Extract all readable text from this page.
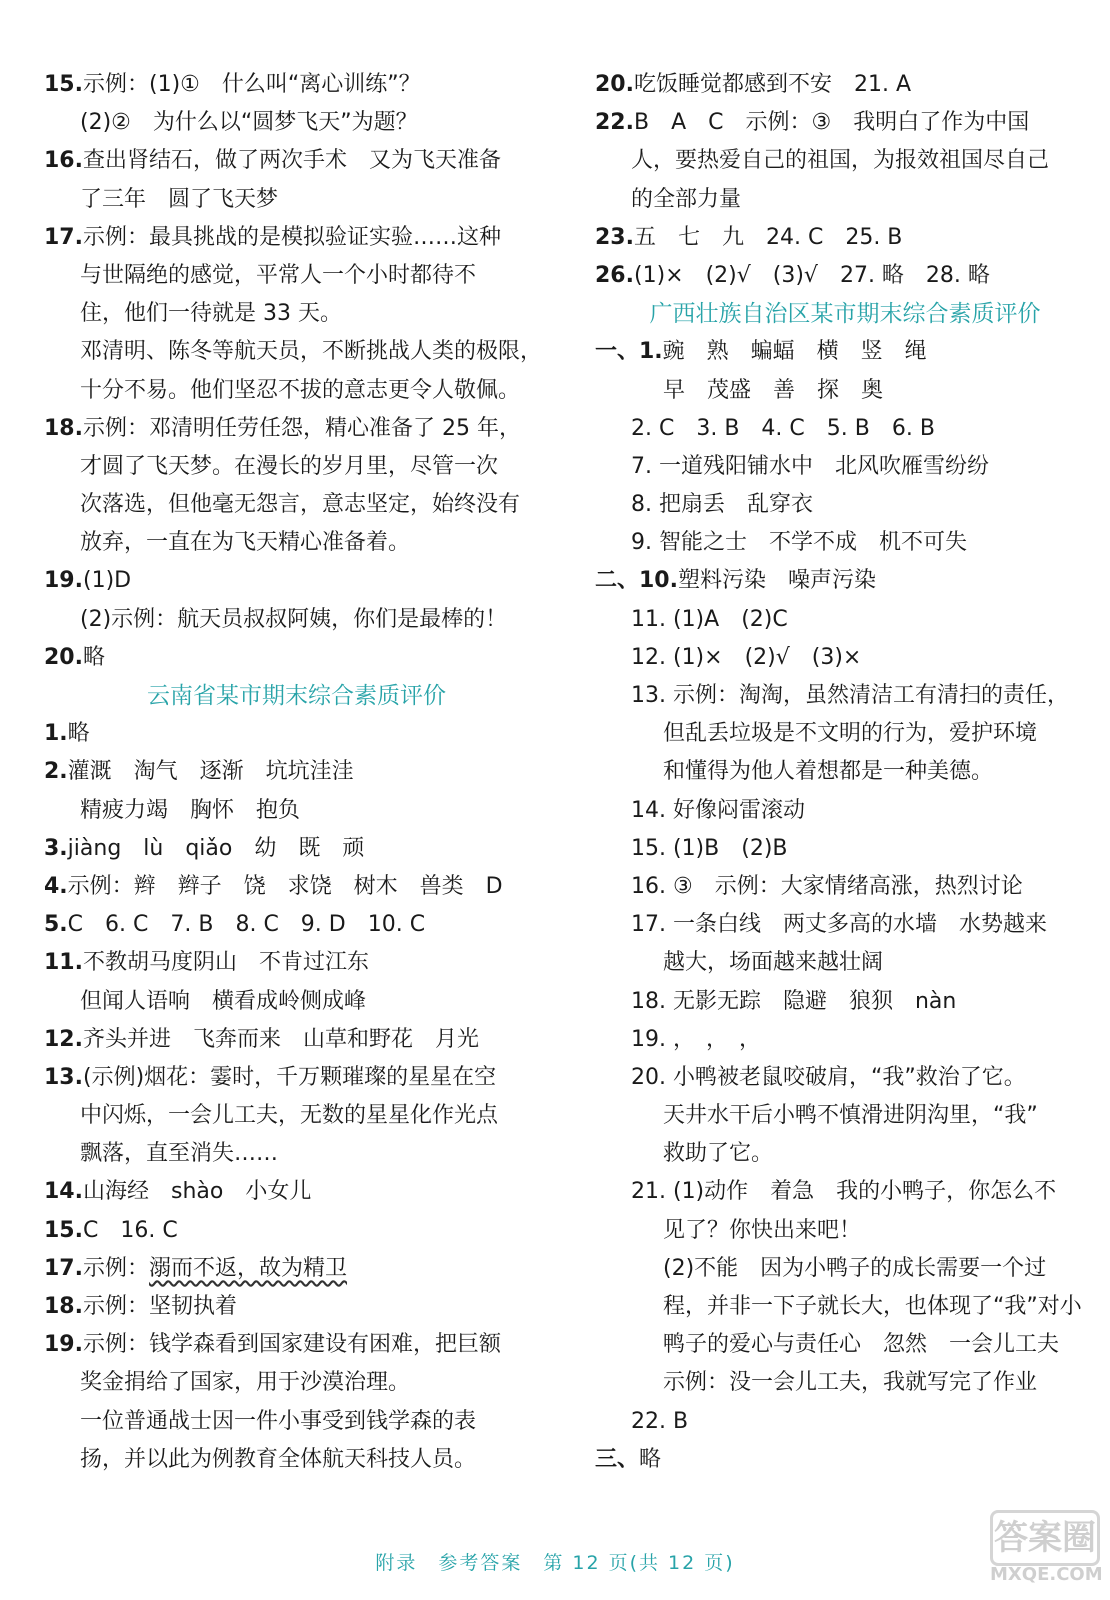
15.示例：(1)①　什么叫“离心训练”？
(2)②　为什么以“圆梦飞天”为题？
16.查出肾结石，做了两次手术　又为飞天准备
了三年　圆了飞天梦
17.示例：最具挑战的是模拟验证实验……这种
与世隔绝的感觉，平常人一个小时都待不
住，他们一待就是 33 天。
邓清明、陈冬等航天员，不断挑战人类的极限，
十分不易。他们坚忍不拔的意志更令人敬佩。
18.示例：邓清明任劳任怨，精心准备了 25 年，
才圆了飞天梦。在漫长的岁月里，尽管一次
次落选，但他毫无怨言，意志坚定，始终没有
放弃，一直在为飞天精心准备着。
19.(1)D
(2)示例：航天员叔叔阿姨，你们是最棒的！
20.略
云南省某市期末综合素质评价
1.略
2.灌溉　淘气　逐渐　坑坑洼洼
精疲力竭　胸怀　抱负
3.jiàng　lù　qiǎo　幼　既　顽
4.示例：辫　辫子　饶　求饶　树木　兽类　D
5.C　6. C　7. B　8. C　9. D　10. C
11.不教胡马度阴山　不肯过江东
但闻人语响　横看成岭侧成峰
12.齐头并进　飞奔而来　山草和野花　月光
13.(示例)烟花：霎时，千万颗璀璨的星星在空
中闪烁，一会儿工夫，无数的星星化作光点
飘落，直至消失……
14.山海经　shào　小女儿
15.C　16. C
17.示例：溺而不返，故为精卫
18.示例：坚韧执着
19.示例：钱学森看到国家建设有困难，把巨额
奖金捐给了国家，用于沙漠治理。
一位普通战士因一件小事受到钱学森的表
扬，并以此为例教育全体航天科技人员。
20.吃饭睡觉都感到不安　21. A
22.B　A　C　示例：③　我明白了作为中国
人，要热爱自己的祖国，为报效祖国尽自己
的全部力量
23.五　七　九　24. C　25. B
26.(1)×　(2)√　(3)√　27. 略　28. 略
广西壮族自治区某市期末综合素质评价
一、1.豌　熟　蝙蝠　横　竖　绳
早　茂盛　善　探　奥
2. C　3. B　4. C　5. B　6. B
7. 一道残阳铺水中　北风吹雁雪纷纷
8. 把扇丢　乱穿衣
9. 智能之士　不学不成　机不可失
二、10.塑料污染　噪声污染
11. (1)A　(2)C
12. (1)×　(2)√　(3)×
13. 示例：淘淘，虽然清洁工有清扫的责任，
但乱丢垃圾是不文明的行为，爱护环境
和懂得为他人着想都是一种美德。
14. 好像闷雷滚动
15. (1)B　(2)B
16. ③　示例：大家情绪高涨，热烈讨论
17. 一条白线　两丈多高的水墙　水势越来
越大，场面越来越壮阔
18. 无影无踪　隐避　狼狈　nàn
19. ，　，　，
20. 小鸭被老鼠咬破肩，“我”救治了它。
天井水干后小鸭不慎滑进阴沟里，“我”
救助了它。
21. (1)动作　着急　我的小鸭子，你怎么不
见了？你快出来吧！
(2)不能　因为小鸭子的成长需要一个过
程，并非一下子就长大，也体现了“我”对小
鸭子的爱心与责任心　忽然　一会儿工夫
示例：没一会儿工夫，我就写完了作业
22. B
三、略
附录　参考答案　第 12 页(共 12 页)
答案圈
MXQE.COM
